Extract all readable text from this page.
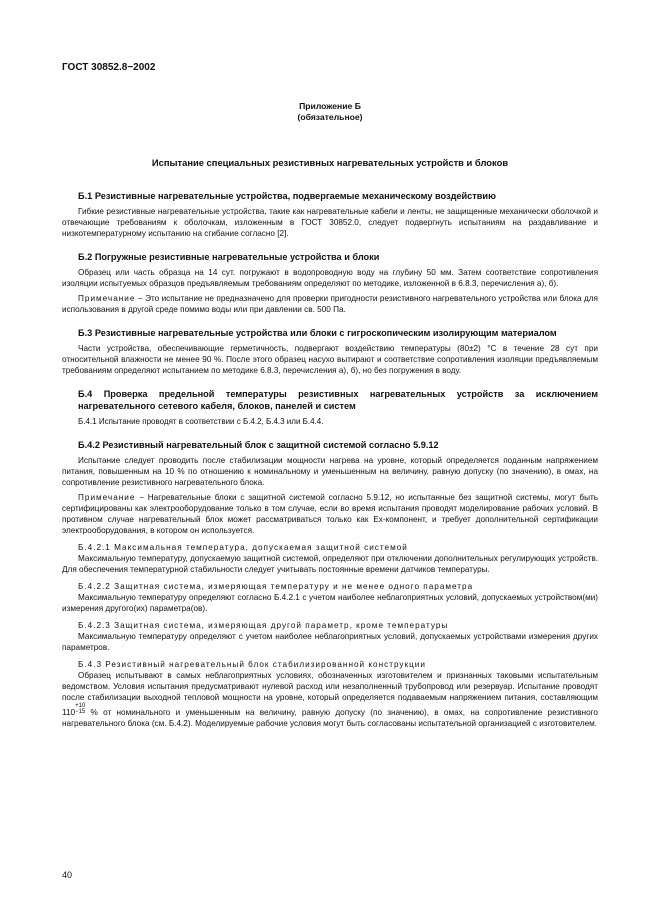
ГОСТ 30852.8−2002

Приложение Б
(обязательное)
Испытание специальных резистивных нагревательных устройств и блоков
Б.1 Резистивные нагревательные устройства, подвергаемые механическому воздействию

Гибкие резистивные нагревательные устройства, такие как нагревательные кабели и ленты, не защищенные механически оболочкой и отвечающие требованиям к оболочкам, изложенным в ГОСТ 30852.0, следует подвергнуть испытаниям на раздавливание и низкотемпературному испытанию на сгибание согласно [2].

Б.2 Погружные резистивные нагревательные устройства и блоки

Образец или часть образца на 14 сут. погружают в водопроводную воду на глубину 50 мм. Затем соответствие сопротивления изоляции испытуемых образцов предъявляемым требованиям определяют по методике, изложенной в 6.8.3, перечисления а), б).

Примечание − Это испытание не предназначено для проверки пригодности резистивного нагревательного устройства или блока для использования в другой среде помимо воды или при давлении св. 500 Па.

Б.3 Резистивные нагревательные устройства или блоки с гигроскопическим изолирующим материалом

Части устройства, обеспечивающие герметичность, подвергают воздействию температуры (80±2) °С в течение 28 сут при относительной влажности не менее 90 %. После этого образец насухо вытирают и соответствие сопротивления изоляции предъявляемым требованиям определяют испытанием по методике 6.8.3, перечисления а), б), но без погружения в воду.

Б.4 Проверка предельной температуры резистивных нагревательных устройств за исключением нагревательного сетевого кабеля, блоков, панелей и систем

Б.4.1 Испытание проводят в соответствии с Б.4.2, Б.4.3 или Б.4.4.

Б.4.2 Резистивный нагревательный блок с защитной системой согласно 5.9.12

Испытание следует проводить после стабилизации мощности нагрева на уровне, который определяется поданным напряжением питания, повышенным на 10 % по отношению к номинальному и уменьшенным на величину, равную допуску (по значению), в омах, на сопротивление резистивного нагревательного блока.

Примечание − Нагревательные блоки с защитной системой согласно 5.9.12, но испытанные без защитной системы, могут быть сертифицированы как электрооборудование только в том случае, если во время испытания проводят моделирование рабочих условий. В противном случае нагревательный блок может рассматриваться только как Ex-компонент, и требует дополнительной сертификации электрооборудования, в котором он используется.

Б.4.2.1 Максимальная температура, допускаемая защитной системой

Максимальную температуру, допускаемую защитной системой, определяют при отключении дополнительных регулирующих устройств. Для обеспечения температурной стабильности следует учитывать постоянные времени датчиков температуры.

Б.4.2.2 Защитная система, измеряющая температуру и не менее одного параметра

Максимальную температуру определяют согласно Б.4.2.1 с учетом наиболее неблагоприятных условий, допускаемых устройством(ми) измерения другого(их) параметра(ов).

Б.4.2.3 Защитная система, измеряющая другой параметр, кроме температуры

Максимальную температуру определяют с учетом наиболее неблагоприятных условий, допускаемых устройствами измерения других параметров.

Б.4.3 Резистивный нагревательный блок стабилизированной конструкции

Образец испытывают в самых неблагоприятных условиях, обозначенных изготовителем и признанных таковыми испытательным ведомством. Условия испытания предусматривают нулевой расход или незаполненный трубопровод или резервуар. Испытание проводят после стабилизации выходной тепловой мощности на уровне, который определяется подаваемым напряжением питания, составляющим $110^{+10 -15}$ % от номинального и уменьшенным на величину, равную допуску (по значению), в омах, на сопротивление резистивного нагревательного блока (см. Б.4.2). Моделируемые рабочие условия могут быть согласованы испытательной организацией с изготовителем.

40
